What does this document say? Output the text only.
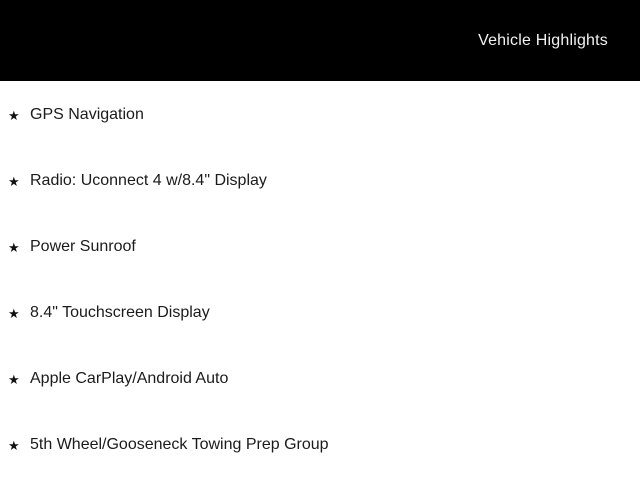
Vehicle Highlights
★ GPS Navigation
★ Radio: Uconnect 4 w/8.4" Display
★ Power Sunroof
★ 8.4" Touchscreen Display
★ Apple CarPlay/Android Auto
★ 5th Wheel/Gooseneck Towing Prep Group
